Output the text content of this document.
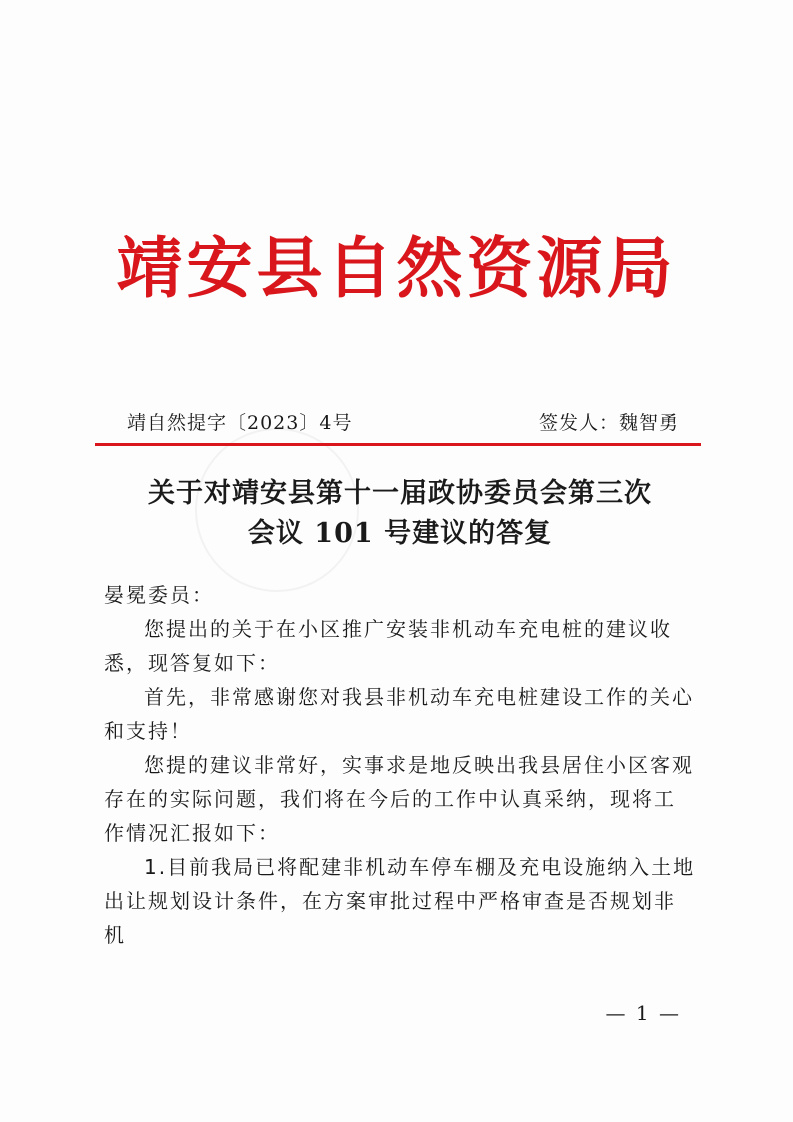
靖安县自然资源局
靖自然提字〔2023〕4号	签发人：魏智勇
关于对靖安县第十一届政协委员会第三次
会议 101 号建议的答复

晏冕委员：

您提出的关于在小区推广安装非机动车充电桩的建议收悉，现答复如下：

首先，非常感谢您对我县非机动车充电桩建设工作的关心和支持！

您提的建议非常好，实事求是地反映出我县居住小区客观存在的实际问题，我们将在今后的工作中认真采纳，现将工作情况汇报如下：

1.目前我局已将配建非机动车停车棚及充电设施纳入土地出让规划设计条件，在方案审批过程中严格审查是否规划非机

— 1 —
